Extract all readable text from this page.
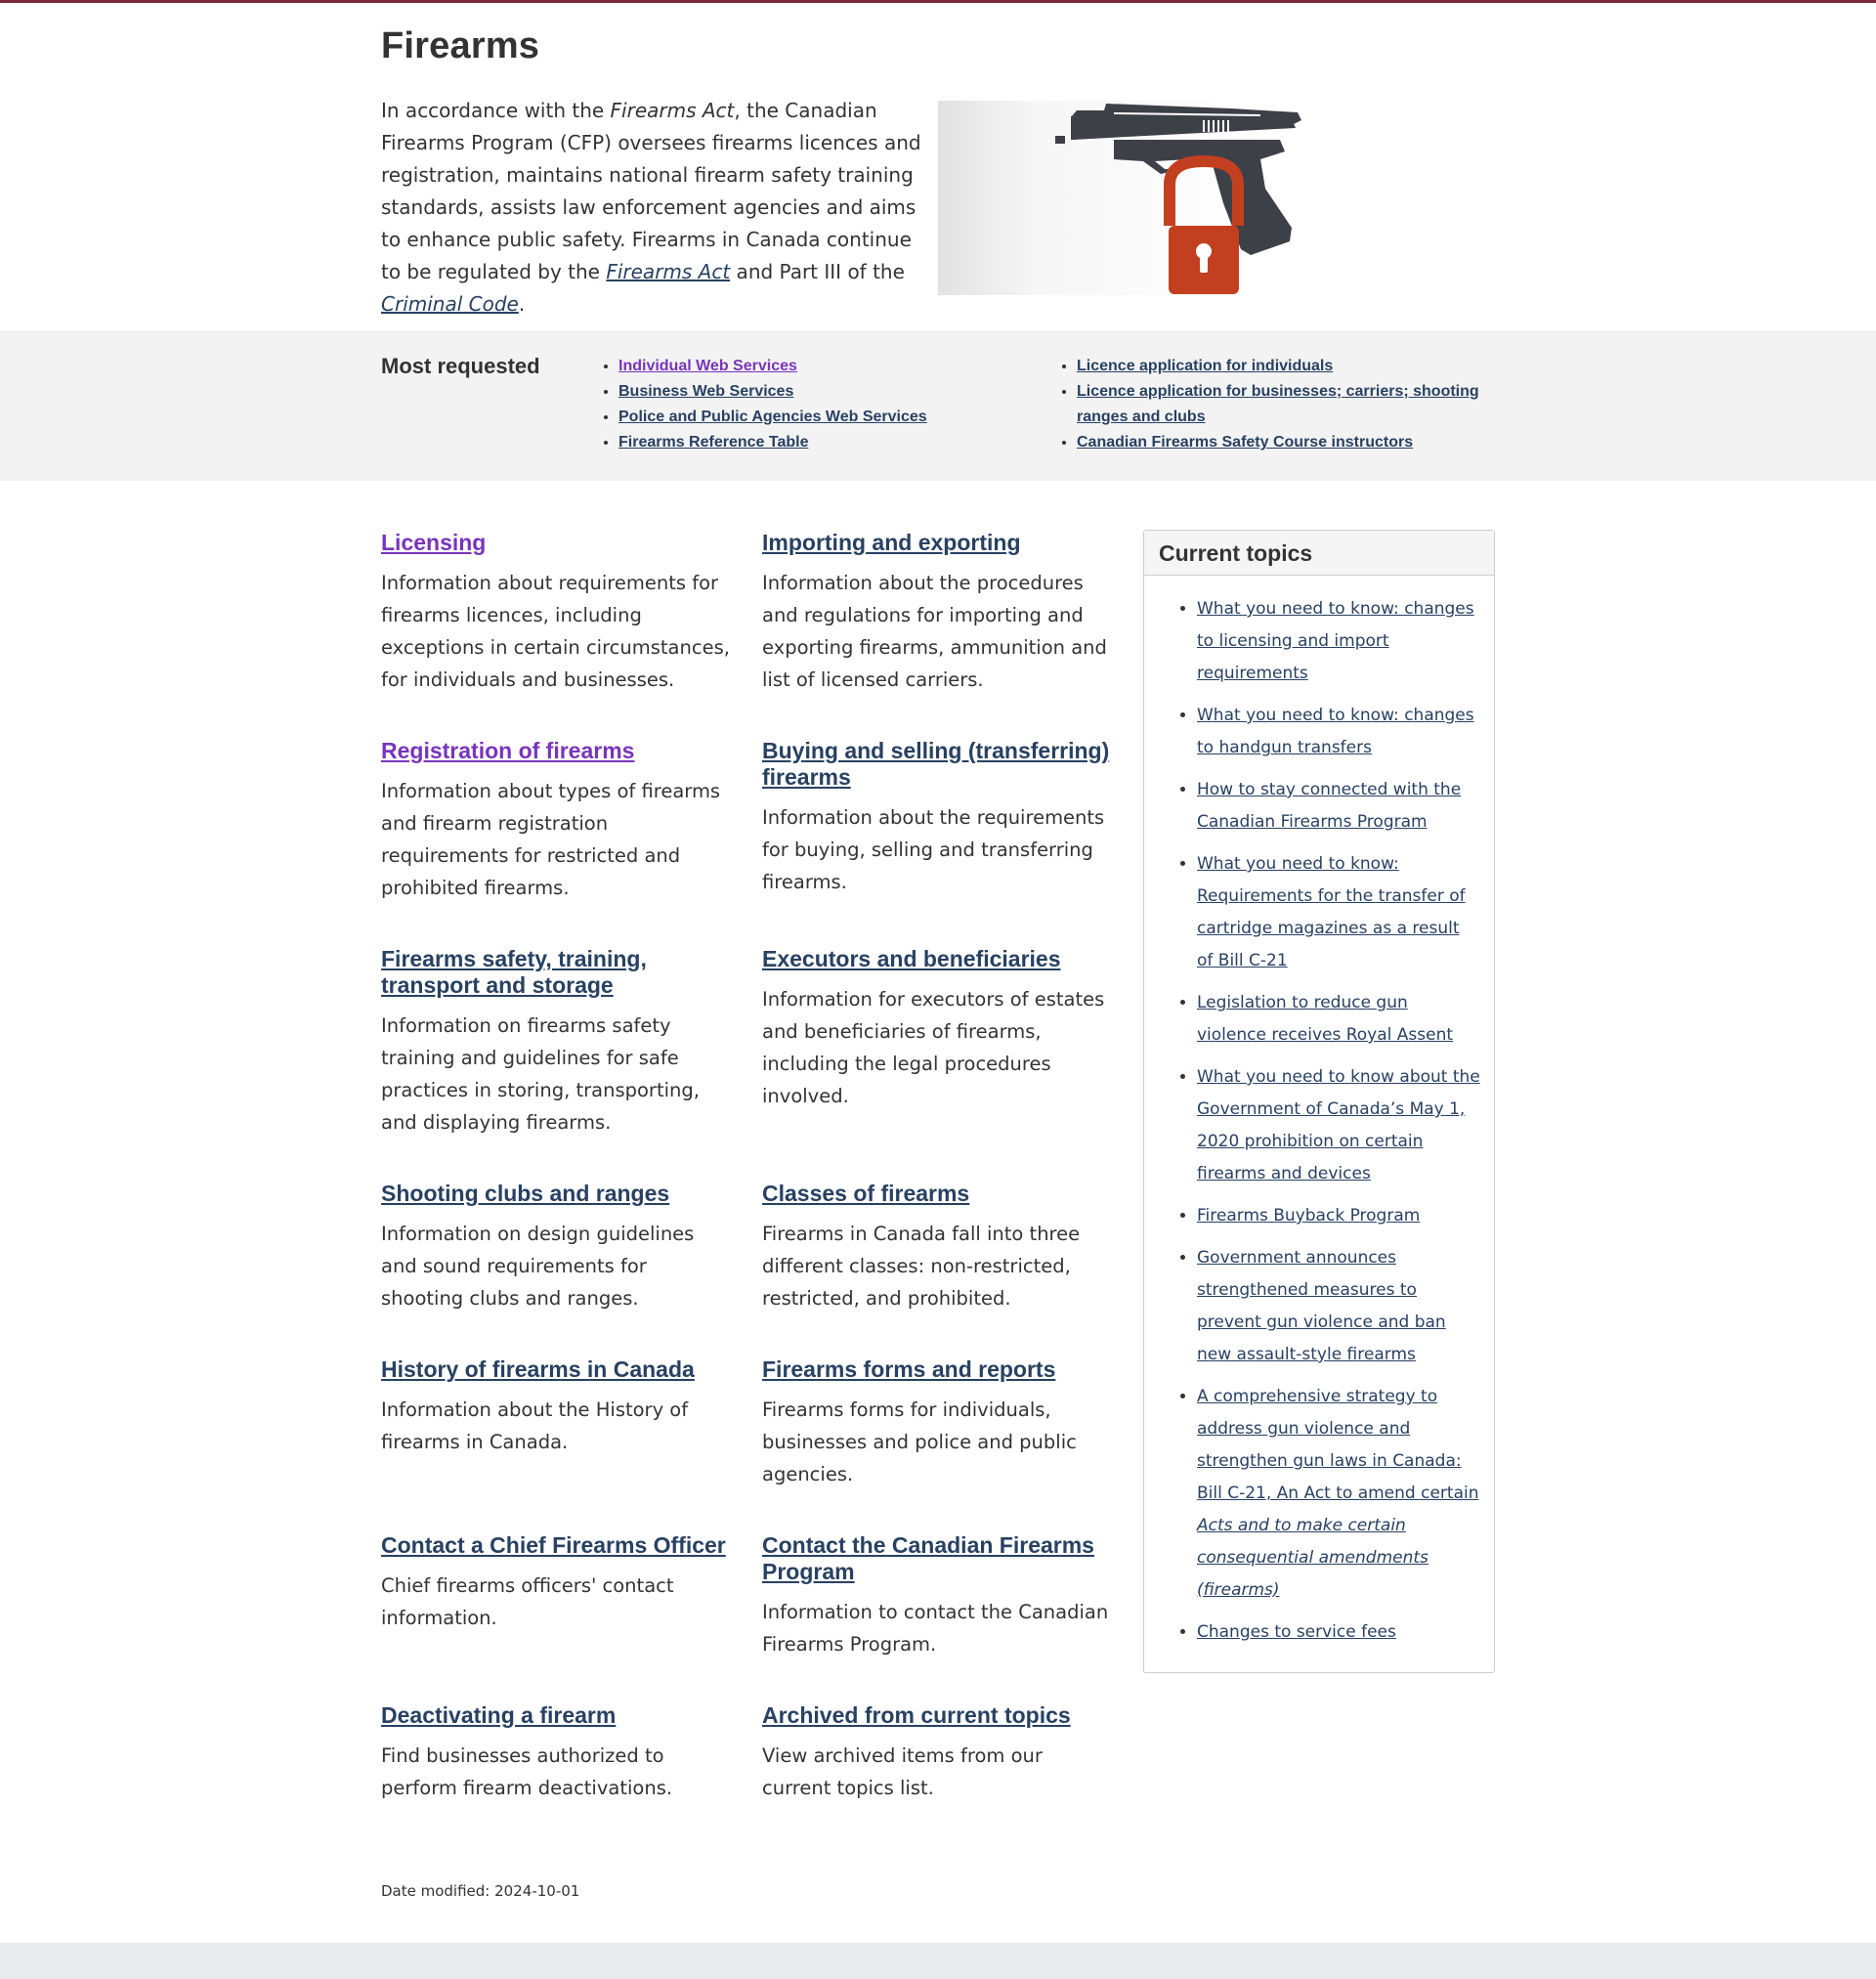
Firearms

In accordance with the Firearms Act, the Canadian Firearms Program (CFP) oversees firearms licences and registration, maintains national firearm safety training standards, assists law enforcement agencies and aims to enhance public safety. Firearms in Canada continue to be regulated by the Firearms Act and Part III of the Criminal Code.

Most requested
•	Individual Web Services
• Business Web Services
• Police and Public Agencies Web Services
• Firearms Reference Table
• Licence application for individuals
• Licence application for businesses; carriers; shooting ranges and clubs
• Canadian Firearms Safety Course instructors
Licensing

Information about requirements for firearms licences, including exceptions in certain circumstances, for individuals and businesses.

Importing and exporting

Information about the procedures and regulations for importing and exporting firearms, ammunition and list of licensed carriers.

Registration of firearms

Information about types of firearms and firearm registration requirements for restricted and prohibited firearms.

Buying and selling (transferring) firearms

Information about the requirements for buying, selling and transferring firearms.

Firearms safety, training, transport and storage

Information on firearms safety training and guidelines for safe practices in storing, transporting, and displaying firearms.

Executors and beneficiaries

Information for executors of estates and beneficiaries of firearms, including the legal procedures involved.

Shooting clubs and ranges

Information on design guidelines and sound requirements for shooting clubs and ranges.

Classes of firearms

Firearms in Canada fall into three different classes: non-restricted, restricted, and prohibited.

History of firearms in Canada

Information about the History of firearms in Canada.

Firearms forms and reports

Firearms forms for individuals, businesses and police and public agencies.

Contact a Chief Firearms Officer

Chief firearms officers' contact information.

Contact the Canadian Firearms Program

Information to contact the Canadian Firearms Program.

Deactivating a firearm

Find businesses authorized to perform firearm deactivations.

Archived from current topics

View archived items from our current topics list.

Current topics
• What you need to know: changes to licensing and import requirements
• What you need to know: changes to handgun transfers
• How to stay connected with the Canadian Firearms Program
• What you need to know: Requirements for the transfer of cartridge magazines as a result of Bill C-21
• Legislation to reduce gun violence receives Royal Assent
• What you need to know about the Government of Canada’s May 1, 2020 prohibition on certain firearms and devices
• Firearms Buyback Program
• Government announces strengthened measures to prevent gun violence and ban new assault-style firearms
• A comprehensive strategy to address gun violence and strengthen gun laws in Canada: Bill C-21, An Act to amend certain Acts and to make certain consequential amendments (firearms)
• Changes to service fees
Date modified: 2024-10-01
